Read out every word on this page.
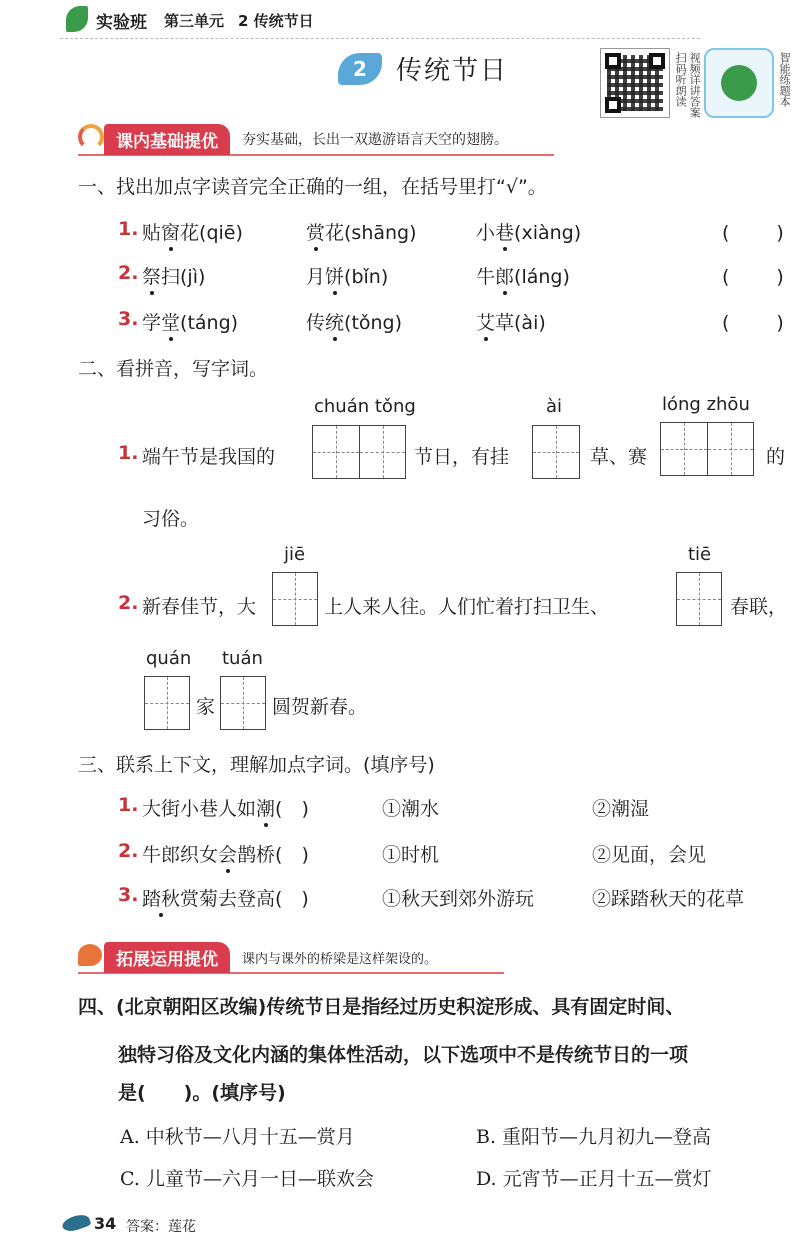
实验班 第三单元 2 传统节日
2	传统节日	扫码听朗读 视频详讲答案	智能练题本
课内基础提优	夯实基础，长出一双遨游语言天空的翅膀。
一、找出加点字读音完全正确的一组，在括号里打“√”。
1. 贴窗花(qiē)	赏花(shāng)	小巷(xiàng)	(　)
2. 祭扫(jì)	月饼(bǐn)	牛郎(láng)	(　)
3. 学堂(táng)	传统(tǒng)	艾草(ài)	(　)
二、看拼音，写字词。
chuán tǒng	ài	lóng zhōu
1. 端午节是我国的	节日，有挂	草、赛	的
习俗。
jiē	tiē
2. 新春佳节，大	上人来人往。人们忙着打扫卫生、	春联，
quán tuán
家	圆贺新春。
三、联系上下文，理解加点字词。(填序号)
1. 大街小巷人如潮(　)	①潮水	②潮湿
2. 牛郎织女会鹊桥(　)	①时机	②见面，会见
3. 踏秋赏菊去登高(　)	①秋天到郊外游玩	②踩踏秋天的花草
拓展运用提优	课内与课外的桥梁是这样架设的。
四、(北京朝阳区改编)传统节日是指经过历史积淀形成、具有固定时间、
独特习俗及文化内涵的集体性活动，以下选项中不是传统节日的一项
是(　　)。(填序号)
A. 中秋节—八月十五—赏月	B. 重阳节—九月初九—登高
C. 儿童节—六月一日—联欢会	D. 元宵节—正月十五—赏灯
34 答案：莲花
